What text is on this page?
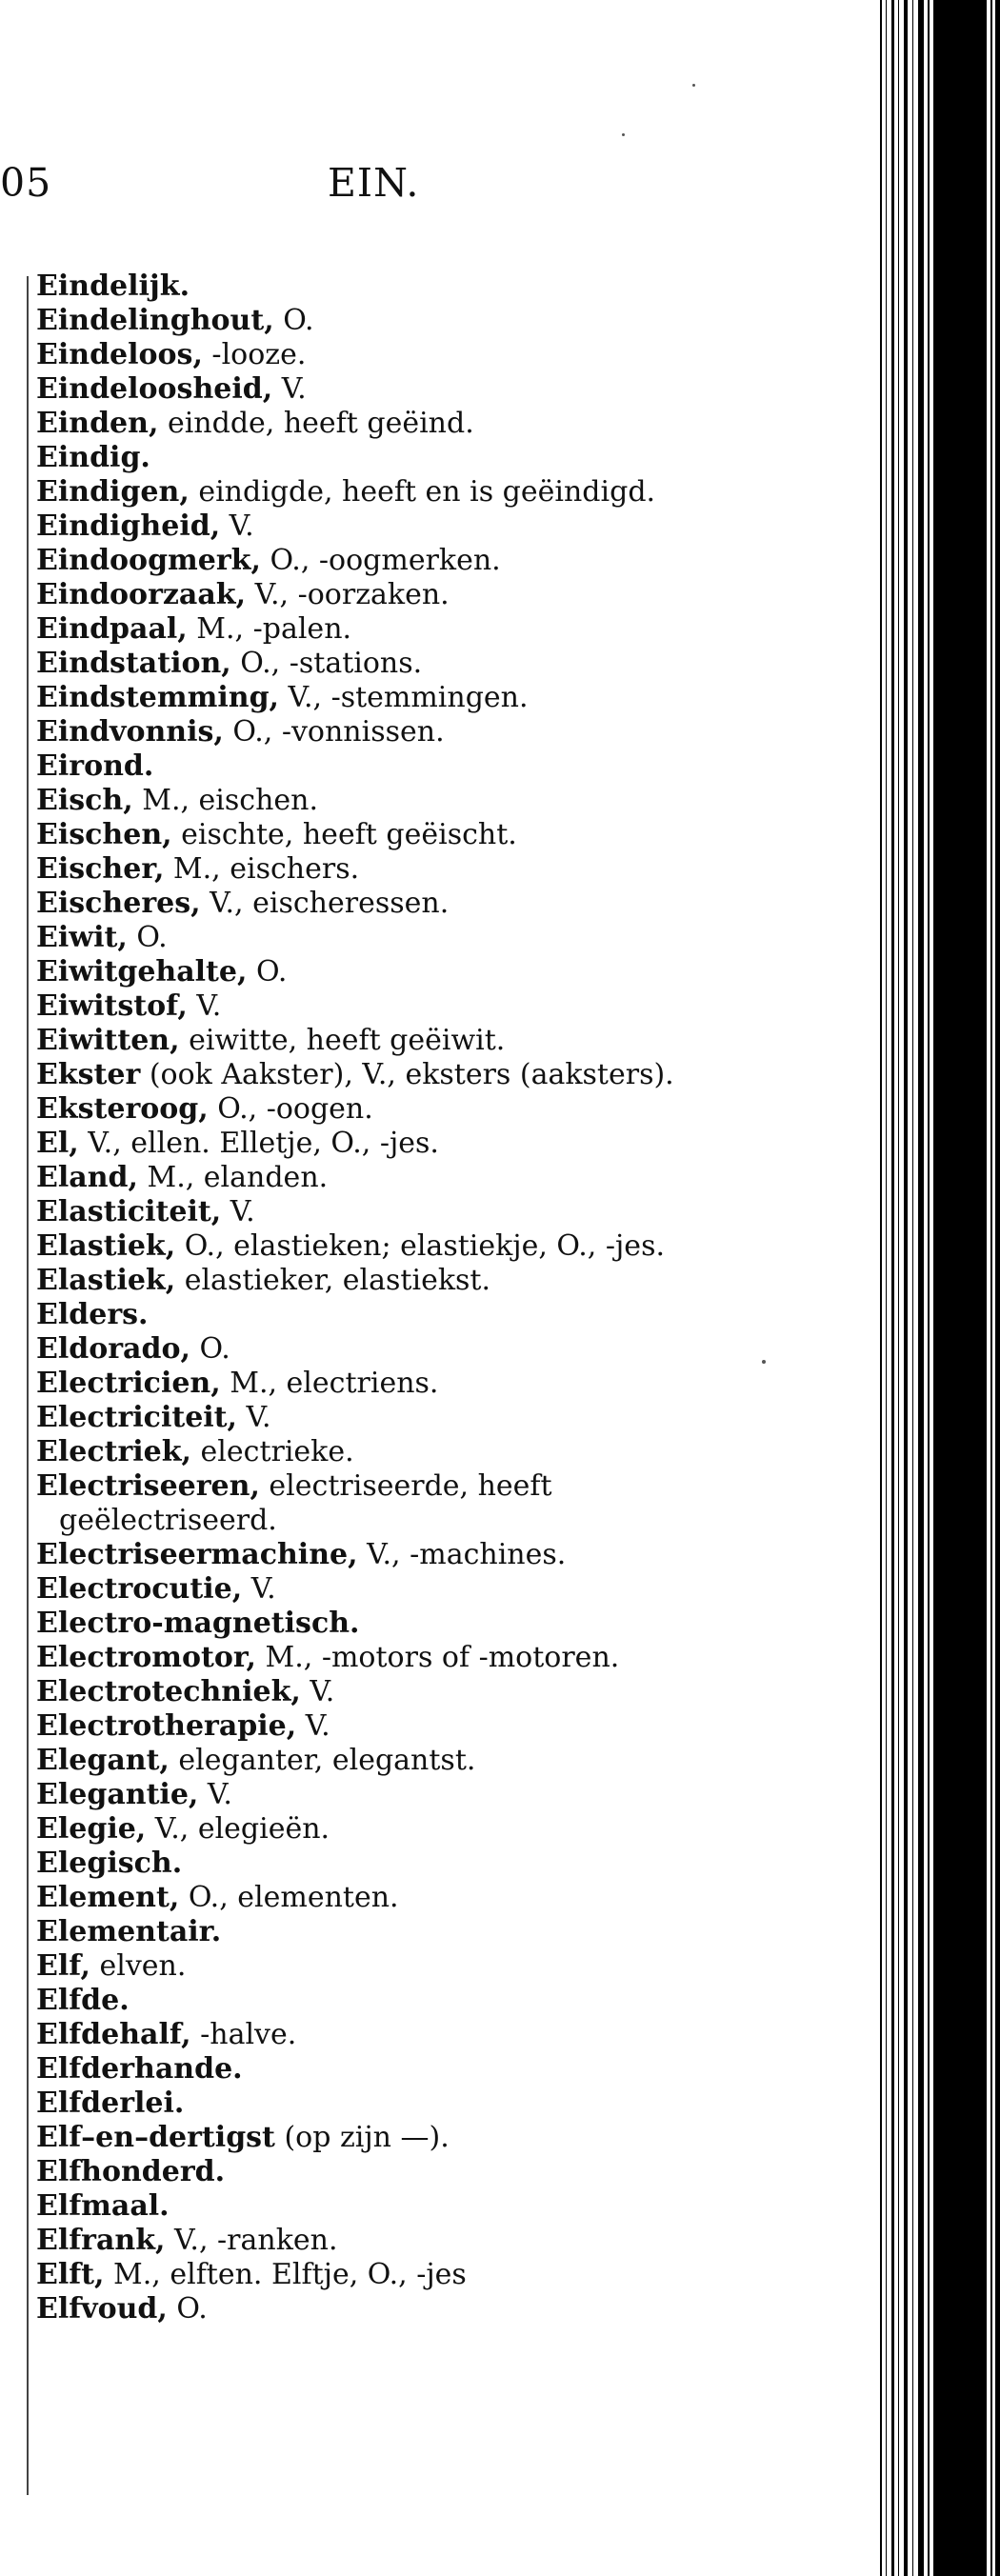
05	EIN.
Eindelijk.
Eindelinghout, O.
Eindeloos, -looze.
Eindeloosheid, V.
Einden, eindde, heeft geëind.
Eindig.
Eindigen, eindigde, heeft en is geëindigd.
Eindigheid, V.
Eindoogmerk, O., -oogmerken.
Eindoorzaak, V., -oorzaken.
Eindpaal, M., -palen.
Eindstation, O., -stations.
Eindstemming, V., -stemmingen.
Eindvonnis, O., -vonnissen.
Eirond.
Eisch, M., eischen.
Eischen, eischte, heeft geëischt.
Eischer, M., eischers.
Eischeres, V., eischeressen.
Eiwit, O.
Eiwitgehalte, O.
Eiwitstof, V.
Eiwitten, eiwitte, heeft geëiwit.
Ekster (ook Aakster), V., eksters (aaksters).
Eksteroog, O., -oogen.
El, V., ellen. Elletje, O., -jes.
Eland, M., elanden.
Elasticiteit, V.
Elastiek, O., elastieken; elastiekje, O., -jes.
Elastiek, elastieker, elastiekst.
Elders.
Eldorado, O.
Electricien, M., electriens.
Electriciteit, V.
Electriek, electrieke.
Electriseeren, electriseerde, heeft geëlectriseerd.
Electriseermachine, V., -machines.
Electrocutie, V.
Electro-magnetisch.
Electromotor, M., -motors of -motoren.
Electrotechniek, V.
Electrotherapie, V.
Elegant, eleganter, elegantst.
Elegantie, V.
Elegie, V., elegieën.
Elegisch.
Element, O., elementen.
Elementair.
Elf, elven.
Elfde.
Elfdehalf, -halve.
Elfderhande.
Elfderlei.
Elf–en–dertigst (op zijn —).
Elfhonderd.
Elfmaal.
Elfrank, V., -ranken.
Elft, M., elften. Elftje, O., -jes
Elfvoud, O.
